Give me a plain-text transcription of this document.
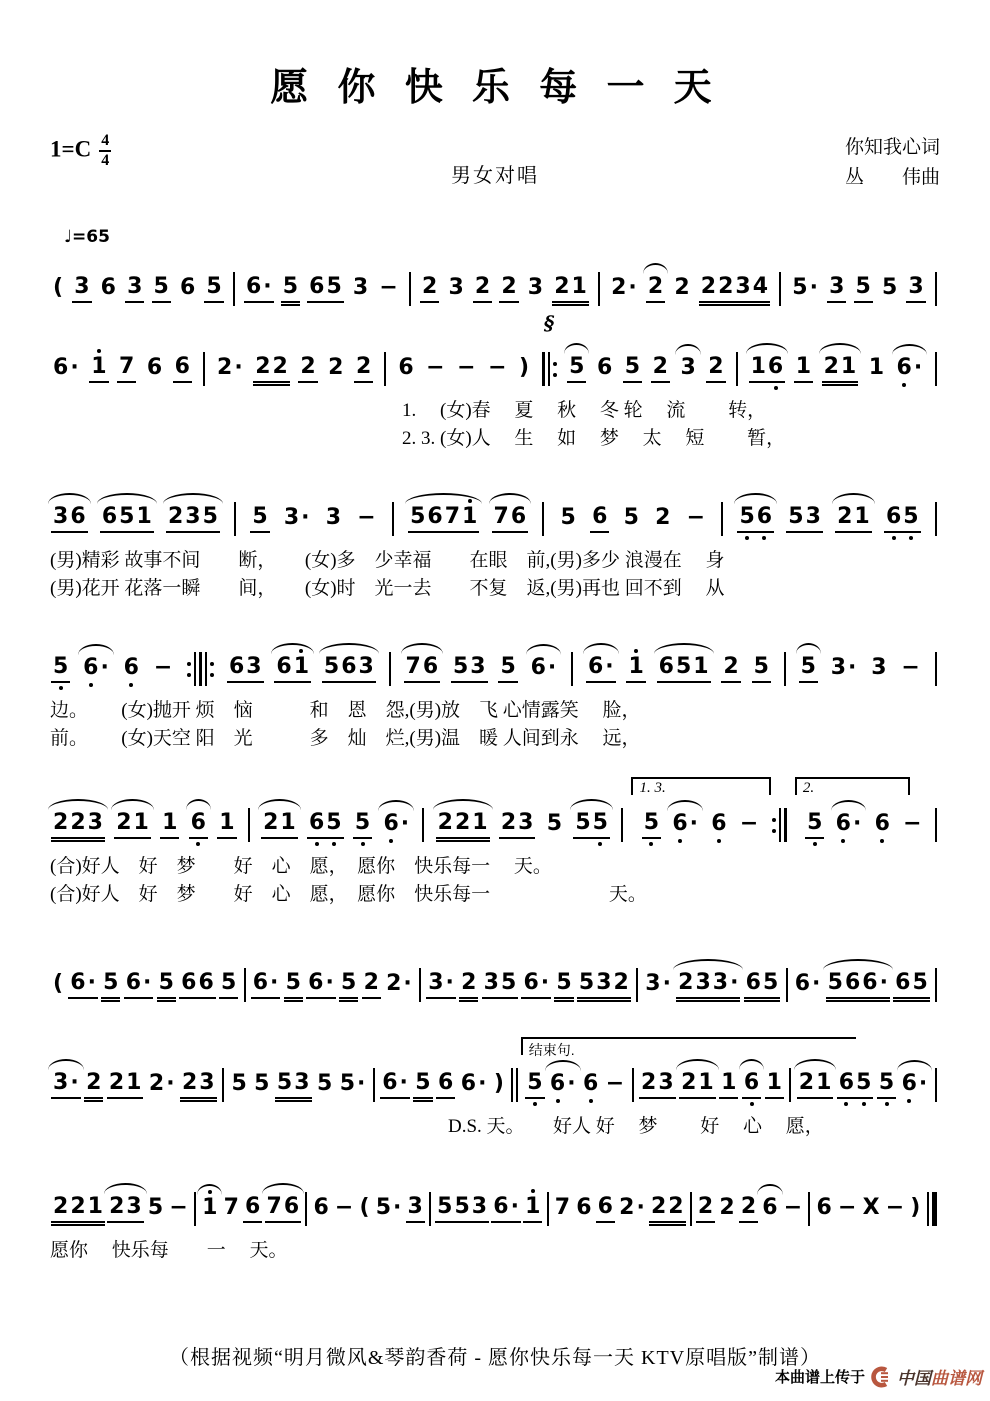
愿 你 快 乐 每 一 天
$1=C \frac{4}{4}$
男女对唱
你知我心词
丛　　伟曲
♩=65
( 3 6 3 5 6 5 6· 5 65 3 − 2 3 2 2 3 21 2· 2 2 2234 5· 3 5 5 3
6· 1 7 6 6 2· 22 2 2 2 6 − − − )
§
5 6 5 2 3 2 16 1 21 1 6·
1.　 (女)春　 夏　 秋　 冬 轮　 流　　 转，
2. 3. (女)人　 生　 如　 梦　 太　 短　　 暂，
36 651 235 5 3· 3 − 5671 76 5 6 5 2 − 56 53 21 65
(男)精彩 故事不间　　断，　　(女)多　少幸福　　在眼　前,(男)多少 浪漫在　 身
(男)花开 花落一瞬　　间，　　(女)时　光一去　　不复　返,(男)再也 回不到　 从
5 6· 6 −	63 61 563 76 53 5 6· 6· 1 651 2 5 5 3· 3 −
边。　　 (女)抛开 烦　恼　　　和　恩　怨,(男)放　飞 心情露笑　 脸，
前。　　 (女)天空 阳　光　　　多　灿　烂,(男)温　暖 人间到永　 远，
223 21 1 6 1 21 65 5 6· 221 23 5 55
1. 3.
5 6· 6 −
2.
5 6· 6 −
(合)好人　好　梦　　好　心　愿，　愿你　快乐每一　 天。
(合)好人　好　梦　　好　心　愿，　愿你　快乐每一　　　　　　 天。
( 6· 5 6· 5 66 5 6· 5 6· 5 2 2· 3· 2 35 6· 5 532 3· 233· 65 6· 566· 65
3· 2 21 2· 23 5 5 53 5 5· 6· 5 6 6· )
结束句.
5 6· 6 − 23 21 1 6 1 21 65 5 6·
D.S. 天。　　好人 好　 梦　　 好　 心　 愿，
221 23 5 − 1 7 6 76 6 − ( 5· 3 553 6· 1 7 6 6 2· 22 2 2 2 6 − 6 − X − )
愿你　 快乐每　　一　 天。
（根据视频“明月微风&琴韵香荷 - 愿你快乐每一天 KTV原唱版”制谱）
本曲谱上传于 中国曲谱网
